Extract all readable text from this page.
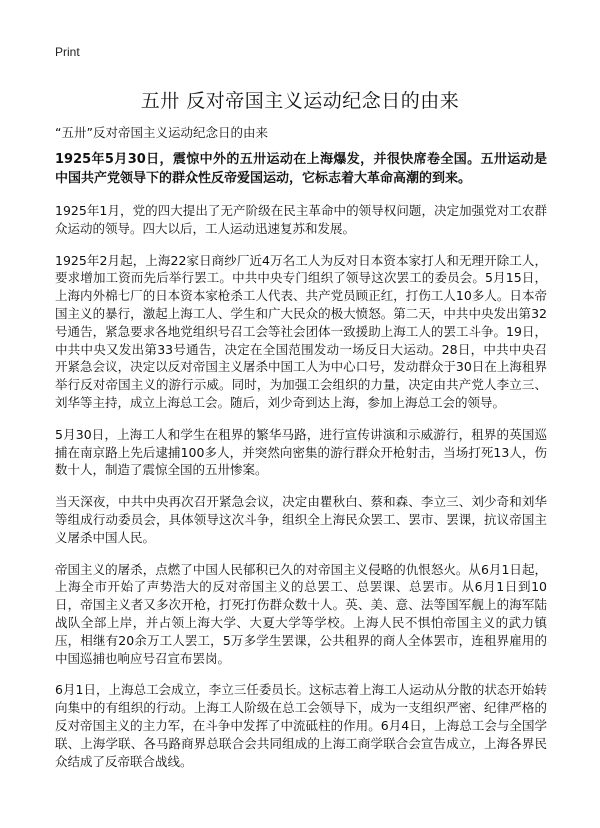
Print
五卅 反对帝国主义运动纪念日的由来
“五卅”反对帝国主义运动纪念日的由来

1925年5月30日，震惊中外的五卅运动在上海爆发，并很快席卷全国。五卅运动是中国共产党领导下的群众性反帝爱国运动，它标志着大革命高潮的到来。

1925年1月，党的四大提出了无产阶级在民主革命中的领导权问题，决定加强党对工农群众运动的领导。四大以后，工人运动迅速复苏和发展。

1925年2月起，上海22家日商纱厂近4万名工人为反对日本资本家打人和无理开除工人，要求增加工资而先后举行罢工。中共中央专门组织了领导这次罢工的委员会。5月15日，上海内外棉七厂的日本资本家枪杀工人代表、共产党员顾正红，打伤工人10多人。日本帝国主义的暴行，激起上海工人、学生和广大民众的极大愤怒。第二天，中共中央发出第32号通告，紧急要求各地党组织号召工会等社会团体一致援助上海工人的罢工斗争。19日，中共中央又发出第33号通告，决定在全国范围发动一场反日大运动。28日，中共中央召开紧急会议，决定以反对帝国主义屠杀中国工人为中心口号，发动群众于30日在上海租界举行反对帝国主义的游行示威。同时，为加强工会组织的力量，决定由共产党人李立三、刘华等主持，成立上海总工会。随后，刘少奇到达上海，参加上海总工会的领导。

5月30日，上海工人和学生在租界的繁华马路，进行宣传讲演和示威游行，租界的英国巡捕在南京路上先后逮捕100多人，并突然向密集的游行群众开枪射击，当场打死13人，伤数十人，制造了震惊全国的五卅惨案。

当天深夜，中共中央再次召开紧急会议，决定由瞿秋白、蔡和森、李立三、刘少奇和刘华等组成行动委员会，具体领导这次斗争，组织全上海民众罢工、罢市、罢课，抗议帝国主义屠杀中国人民。

帝国主义的屠杀，点燃了中国人民郁积已久的对帝国主义侵略的仇恨怒火。从6月1日起，上海全市开始了声势浩大的反对帝国主义的总罢工、总罢课、总罢市。从6月1日到10日，帝国主义者又多次开枪，打死打伤群众数十人。英、美、意、法等国军舰上的海军陆战队全部上岸，并占领上海大学、大夏大学等学校。上海人民不惧怕帝国主义的武力镇压，相继有20余万工人罢工，5万多学生罢课，公共租界的商人全体罢市，连租界雇用的中国巡捕也响应号召宣布罢岗。

6月1日，上海总工会成立，李立三任委员长。这标志着上海工人运动从分散的状态开始转向集中的有组织的行动。上海工人阶级在总工会领导下，成为一支组织严密、纪律严格的反对帝国主义的主力军，在斗争中发挥了中流砥柱的作用。6月4日，上海总工会与全国学联、上海学联、各马路商界总联合会共同组成的上海工商学联合会宣告成立，上海各界民众结成了反帝联合战线。
